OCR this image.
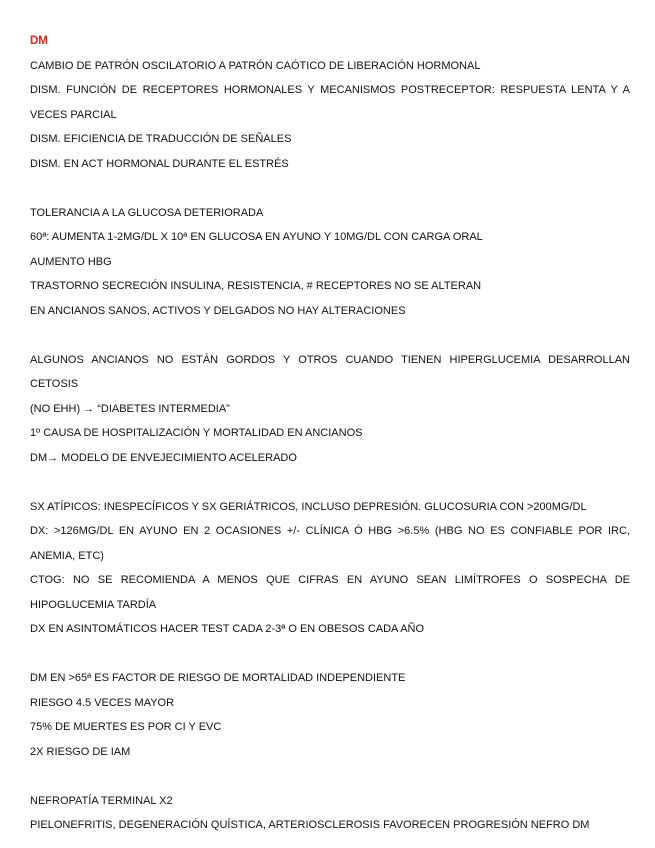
DM
CAMBIO DE PATRÓN OSCILATORIO A PATRÓN CAÓTICO DE LIBERACIÓN HORMONAL
DISM. FUNCIÓN DE RECEPTORES HORMONALES Y MECANISMOS POSTRECEPTOR: RESPUESTA LENTA Y A
VECES PARCIAL
DISM. EFICIENCIA DE TRADUCCIÓN DE SEÑALES
DISM. EN ACT HORMONAL DURANTE EL ESTRÉS
TOLERANCIA A LA GLUCOSA DETERIORADA
60ª: AUMENTA 1-2MG/DL X 10ª EN GLUCOSA EN AYUNO Y 10MG/DL CON CARGA ORAL
AUMENTO HBG
TRASTORNO SECRECIÓN INSULINA, RESISTENCIA, # RECEPTORES NO SE ALTERAN
EN ANCIANOS SANOS, ACTIVOS Y DELGADOS NO HAY ALTERACIONES
ALGUNOS ANCIANOS NO ESTÁN GORDOS Y OTROS CUANDO TIENEN HIPERGLUCEMIA DESARROLLAN CETOSIS
(NO EHH) → “DIABETES INTERMEDIA”
1º CAUSA DE HOSPITALIZACIÓN Y MORTALIDAD EN ANCIANOS
DM→ MODELO DE ENVEJECIMIENTO ACELERADO
SX ATÍPICOS: INESPECÍFICOS Y SX GERIÁTRICOS, INCLUSO DEPRESIÓN. GLUCOSURIA CON >200MG/DL
DX: >126MG/DL EN AYUNO EN 2 OCASIONES +/- CLÍNICA Ó HBG >6.5% (HBG NO ES CONFIABLE POR IRC,
ANEMIA, ETC)
CTOG: NO SE RECOMIENDA A MENOS QUE CIFRAS EN AYUNO SEAN LIMÍTROFES O SOSPECHA DE
HIPOGLUCEMIA TARDÍA
DX EN ASINTOMÁTICOS HACER TEST CADA 2-3ª O EN OBESOS CADA AÑO
DM EN >65ª ES FACTOR DE RIESGO DE MORTALIDAD INDEPENDIENTE
RIESGO 4.5 VECES MAYOR
75% DE MUERTES ES POR CI Y EVC
2X RIESGO DE IAM
NEFROPATÍA TERMINAL X2
PIELONEFRITIS, DEGENERACIÓN QUÍSTICA, ARTERIOSCLEROSIS FAVORECEN PROGRESIÓN NEFRO DM
